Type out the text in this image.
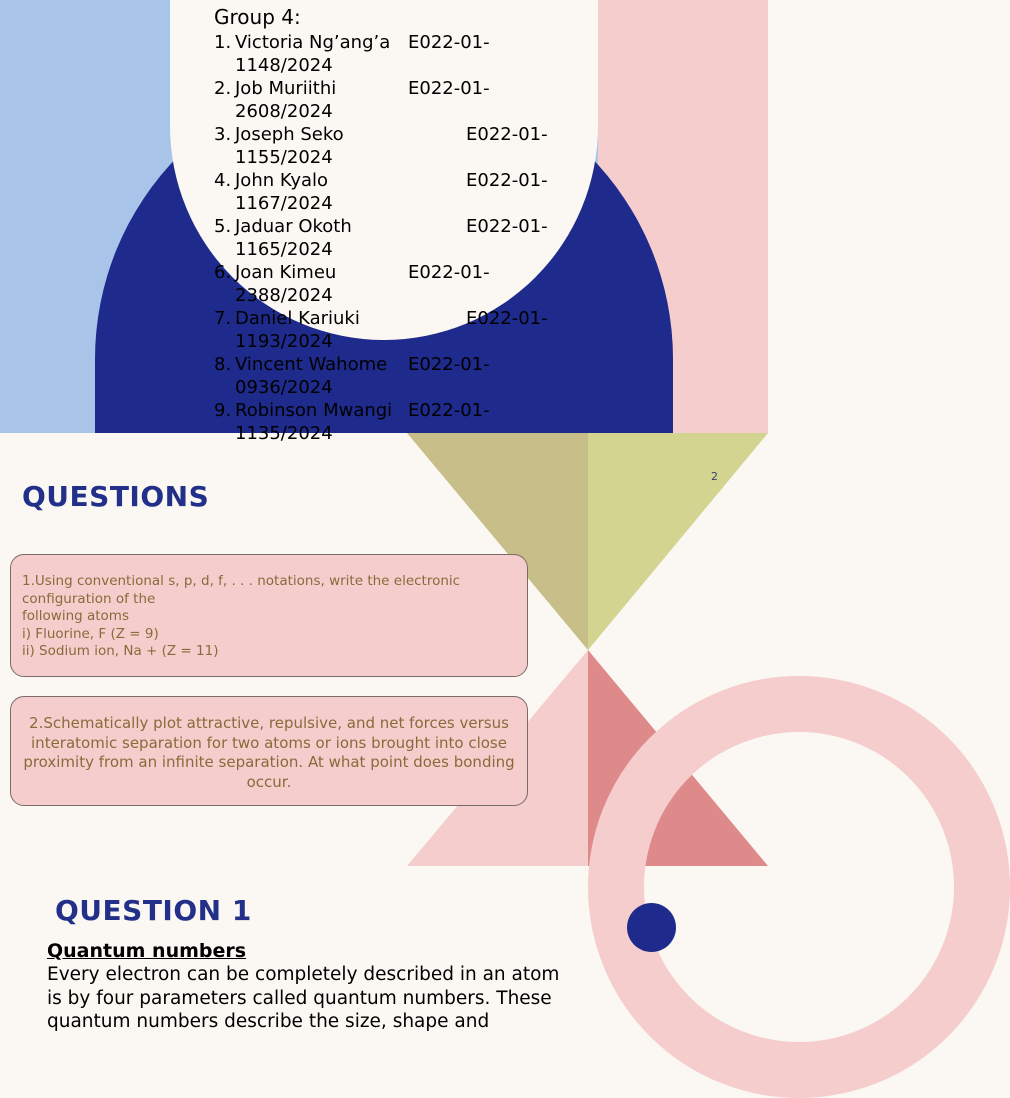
Group 4:
1. Victoria Ng’ang’a E022-01-
1148/2024
2. Job Muriithi	E022-01-
2608/2024
3. Joseph Seko	E022-01-
1155/2024
4. John Kyalo	E022-01-
1167/2024
5. Jaduar Okoth	E022-01-
1165/2024
6. Joan Kimeu	E022-01-
2388/2024
7. Daniel Kariuki	E022-01-
1193/2024
8. Vincent Wahome E022-01-
0936/2024
9. Robinson Mwangi E022-01-
1135/2024
2
QUESTIONS
1.Using conventional s, p, d, f, . . . notations, write the electronic
configuration of the
following atoms
i) Fluorine, F (Z = 9)
ii) Sodium ion, Na + (Z = 11)
2.Schematically plot attractive, repulsive, and net forces versus interatomic separation for two atoms or ions brought into close proximity from an infinite separation. At what point does bonding occur.
QUESTION 1
Quantum numbers
Every electron can be completely described in an atom
is by four parameters called quantum numbers. These
quantum numbers describe the size, shape and
